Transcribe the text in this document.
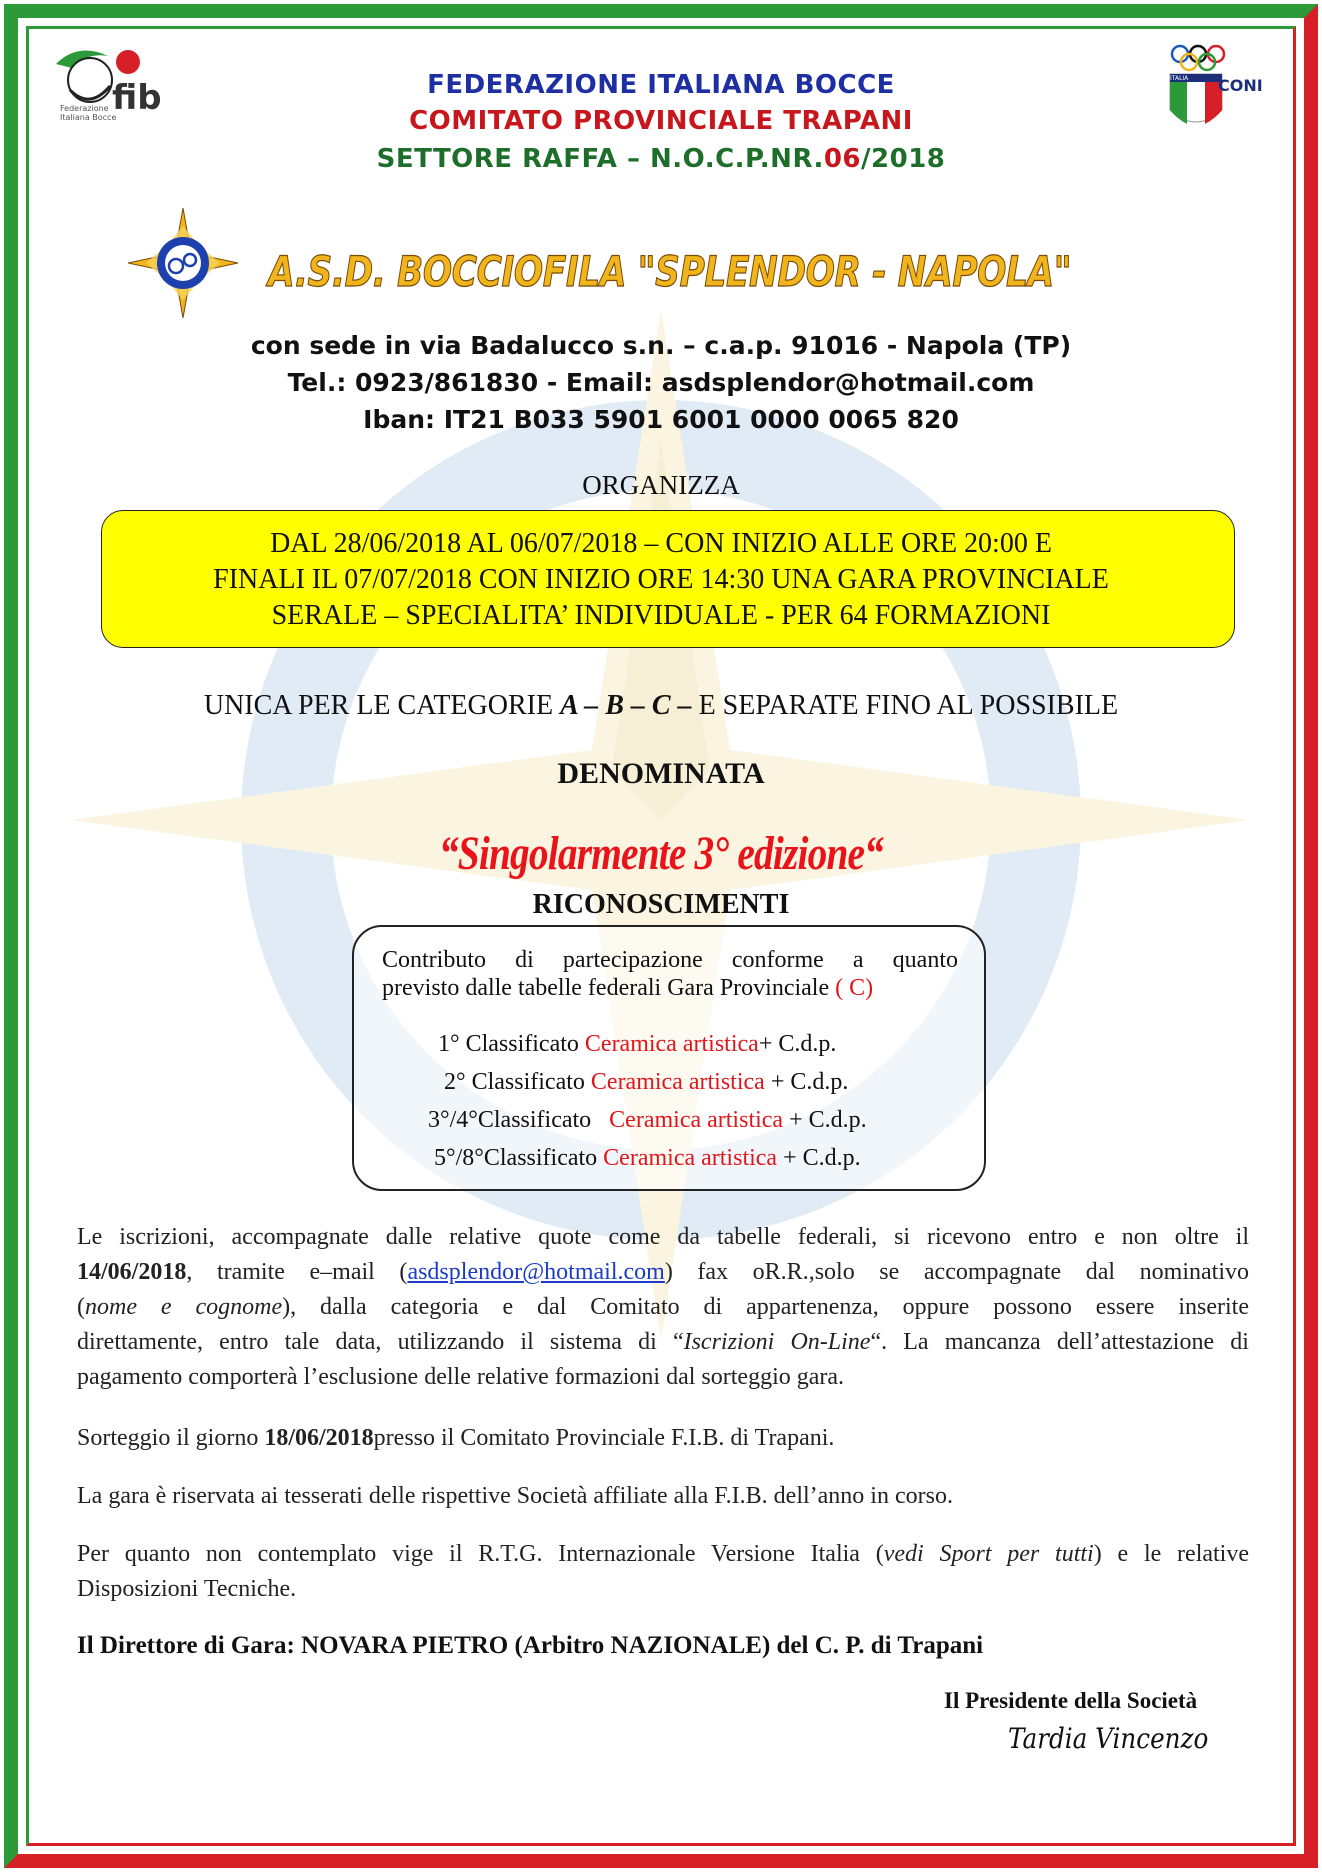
fib
Federazione Italiana Bocce
ITALIA CONI
FEDERAZIONE ITALIANA BOCCE
COMITATO PROVINCIALE TRAPANI
SETTORE RAFFA – N.O.C.P.NR.06/2018
A.S.D. BOCCIOFILA "SPLENDOR - NAPOLA"
con sede in via Badalucco s.n. – c.a.p. 91016 - Napola (TP)
Tel.: 0923/861830 - Email: asdsplendor@hotmail.com
Iban: IT21 B033 5901 6001 0000 0065 820
ORGANIZZA
DAL 28/06/2018 AL 06/07/2018 – CON INIZIO ALLE ORE 20:00 E
FINALI IL 07/07/2018 CON INIZIO ORE 14:30 UNA GARA PROVINCIALE
SERALE – SPECIALITA’ INDIVIDUALE - PER 64 FORMAZIONI
UNICA PER LE CATEGORIE A – B – C – E SEPARATE FINO AL POSSIBILE
DENOMINATA
“Singolarmente 3° edizione“
RICONOSCIMENTI
Contributo di partecipazione conforme a quanto
previsto dalle tabelle federali Gara Provinciale ( C)
1° Classificato Ceramica artistica+ C.d.p.
2° Classificato Ceramica artistica + C.d.p.
3°/4°Classificato   Ceramica artistica + C.d.p.
5°/8°Classificato Ceramica artistica + C.d.p.
Le iscrizioni, accompagnate dalle relative quote come da tabelle federali, si ricevono entro e non oltre il
14/06/2018, tramite e–mail (asdsplendor@hotmail.com) fax oR.R.,solo se accompagnate dal nominativo
(nome e cognome), dalla categoria e dal Comitato di appartenenza, oppure possono essere inserite
direttamente, entro tale data, utilizzando il sistema di “Iscrizioni On-Line“. La mancanza dell’attestazione di
pagamento comporterà l’esclusione delle relative formazioni dal sorteggio gara.
Sorteggio il giorno 18/06/2018presso il Comitato Provinciale F.I.B. di Trapani.
La gara è riservata ai tesserati delle rispettive Società affiliate alla F.I.B. dell’anno in corso.
Per quanto non contemplato vige il R.T.G. Internazionale Versione Italia (vedi Sport per tutti) e le relative
Disposizioni Tecniche.
Il Direttore di Gara: NOVARA PIETRO (Arbitro NAZIONALE) del C. P. di Trapani
Il Presidente della Società
Tardia Vincenzo
